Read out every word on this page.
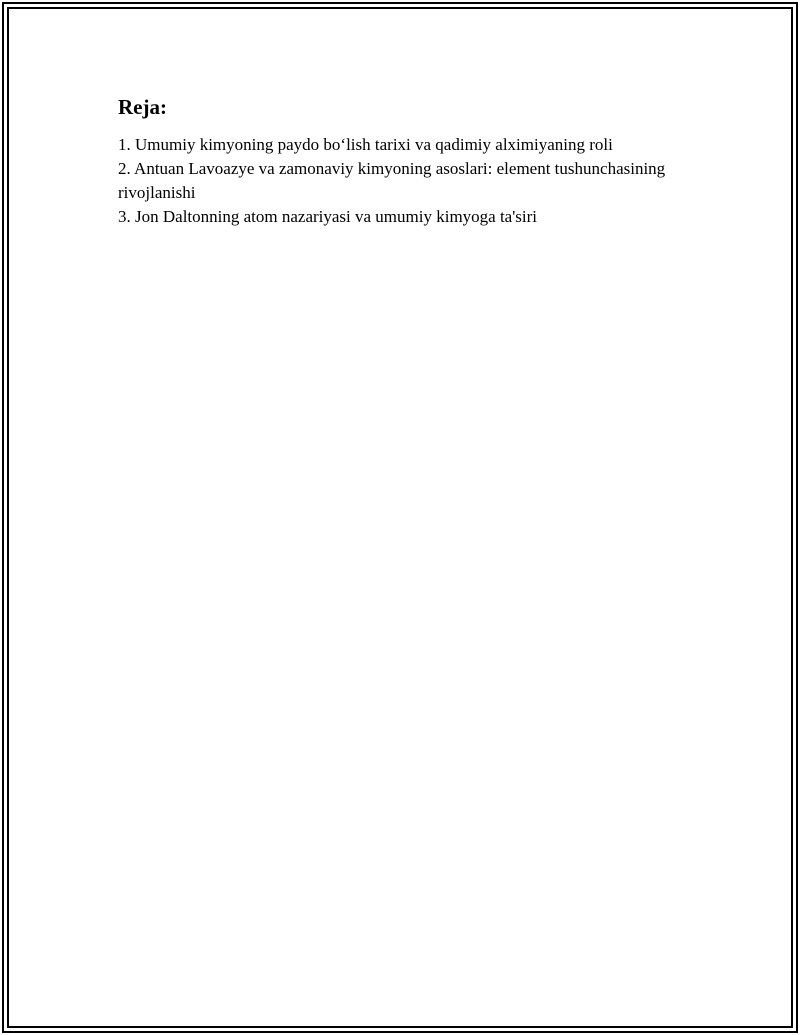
Reja:
1. Umumiy kimyoning paydo bo‘lish tarixi va qadimiy alximiyaning roli
2. Antuan Lavoazye va zamonaviy kimyoning asoslari: element tushunchasining rivojlanishi
3. Jon Daltonning atom nazariyasi va umumiy kimyoga ta'siri
